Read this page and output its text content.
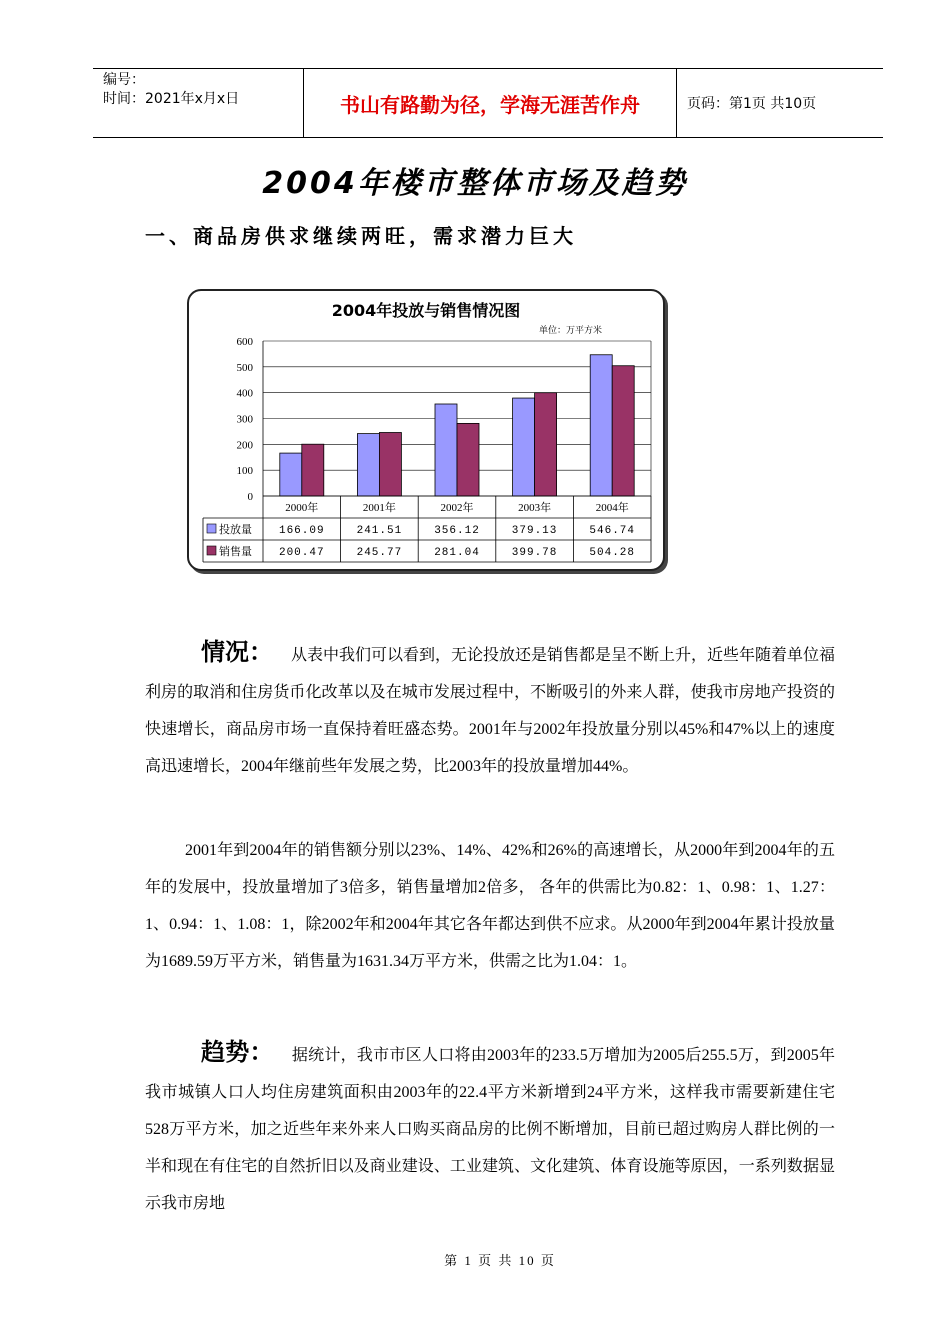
编号：
时间：2021年x月x日	书山有路勤为径，学海无涯苦作舟	页码：第1页 共10页
2004年楼市整体市场及趋势
一、商品房供求继续两旺，需求潜力巨大
2004年投放与销售情况图
单位：万平方米
0
100
200
300
400
500
600
2000年	2001年	2002年	2003年	2004年
投放量 166.09	241.51	356.12	379.13	546.74
销售量 200.47	245.77	281.04	399.78	504.28
情况： 从表中我们可以看到，无论投放还是销售都是呈不断上升，近些年随着单位福利房的取消和住房货币化改革以及在城市发展过程中，不断吸引的外来人群，使我市房地产投资的快速增长，商品房市场一直保持着旺盛态势。2001年与2002年投放量分别以45%和47%以上的速度高迅速增长，2004年继前些年发展之势，比2003年的投放量增加44%。
2001年到2004年的销售额分别以23%、14%、42%和26%的高速增长，从2000年到2004年的五年的发展中，投放量增加了3倍多，销售量增加2倍多， 各年的供需比为0.82：1、0.98：1、1.27：1、0.94：1、1.08：1，除2002年和2004年其它各年都达到供不应求。从2000年到2004年累计投放量为1689.59万平方米，销售量为1631.34万平方米，供需之比为1.04：1。
趋势： 据统计，我市市区人口将由2003年的233.5万增加为2005后255.5万，到2005年我市城镇人口人均住房建筑面积由2003年的22.4平方米新增到24平方米，这样我市需要新建住宅528万平方米，加之近些年来外来人口购买商品房的比例不断增加，目前已超过购房人群比例的一半和现在有住宅的自然折旧以及商业建设、工业建筑、文化建筑、体育设施等原因，一系列数据显示我市房地
第 1 页 共 10 页
